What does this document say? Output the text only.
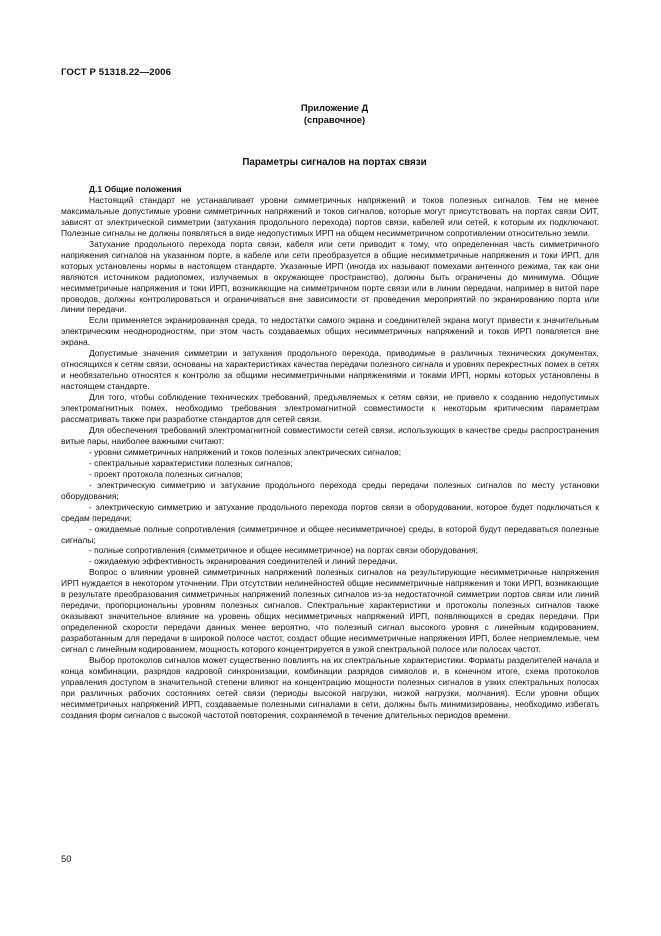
ГОСТ Р 51318.22—2006
Приложение Д
(справочное)
Параметры сигналов на портах связи
Д.1 Общие положения

Настоящий стандарт не устанавливает уровни симметричных напряжений и токов полезных сигналов. Тем не менее максимальные допустимые уровни симметричных напряжений и токов сигналов, которые могут присутствовать на портах связи ОИТ, зависят от электрической симметрии (затухания продольного перехода) портов связи, кабелей или сетей, к которым их подключают. Полезные сигналы не должны появляться в виде недопустимых ИРП на общем несимметричном сопротивлении относительно земли.

Затухание продольного перехода порта связи, кабеля или сети приводит к тому, что определенная часть симметричного напряжения сигналов на указанном порте, в кабеле или сети преобразуется в общие несимметричные напряжения и токи ИРП, для которых установлены нормы в настоящем стандарте. Указанные ИРП (иногда их называют помехами антенного режима, так как они являются источником радиопомех, излучаемых в окружающее пространство), должны быть ограничены до минимума. Общие несимметричные напряжения и токи ИРП, возникающие на симметричном порте связи или в линии передачи, например в витой паре проводов, должны контролироваться и ограничиваться вне зависимости от проведения мероприятий по экранированию порта или линии передачи.

Если применяется экранированная среда, то недостатки самого экрана и соединителей экрана могут привести к значительным электрическим неоднородностям, при этом часть создаваемых общих несимметричных напряжений и токов ИРП появляется вне экрана.

Допустимые значения симметрии и затухания продольного перехода, приводимые в различных технических документах, относящихся к сетям связи, основаны на характеристиках качества передачи полезного сигнала и уровнях перекрестных помех в сетях и необязательно относятся к контролю за общими несимметричными напряжениями и токами ИРП, нормы которых установлены в настоящем стандарте.

Для того, чтобы соблюдение технических требований, предъявляемых к сетям связи, не привело к созданию недопустимых электромагнитных помех, необходимо требования электромагнитной совместимости к некоторым критическим параметрам рассматривать также при разработке стандартов для сетей связи.

Для обеспечения требований электромагнитной совместимости сетей связи, использующих в качестве среды распространения витые пары, наиболее важными считают:

- уровни симметричных напряжений и токов полезных электрических сигналов;

- спектральные характеристики полезных сигналов;

- проект протокола полезных сигналов;

- электрическую симметрию и затухание продольного перехода среды передачи полезных сигналов по месту установки оборудования;

- электрическую симметрию и затухание продольного перехода портов связи в оборудовании, которое будет подключаться к средам передачи;

- ожидаемые полные сопротивления (симметричное и общее несимметричное) среды, в которой будут передаваться полезные сигналы;

- полные сопротивления (симметричное и общее несимметричное) на портах связи оборудования;

- ожидаемую эффективность экранирования соединителей и линий передачи.

Вопрос о влиянии уровней симметричных напряжений полезных сигналов на результирующие несимметричные напряжения ИРП нуждается в некотором уточнении. При отсутствии нелинейностей общие несимметричные напряжения и токи ИРП, возникающие в результате преобразования симметричных напряжений полезных сигналов из-за недостаточной симметрии портов связи или линий передачи, пропорциональны уровням полезных сигналов. Спектральные характеристики и протоколы полезных сигналов также оказывают значительное влияние на уровень общих несимметричных напряжений ИРП, появляющихся в средах передачи. При определенной скорости передачи данных менее вероятно, что полезный сигнал высокого уровня с линейным кодированием, разработанным для передачи в широкой полосе частот, создаст общие несимметричные напряжения ИРП, более неприемлемые, чем сигнал с линейным кодированием, мощность которого концентрируется в узкой спектральной полосе или полосах частот.

Выбор протоколов сигналов может существенно повлиять на их спектральные характеристики. Форматы разделителей начала и конца комбинации, разрядов кадровой синхронизации, комбинации разрядов символов и, в конечном итоге, схема протоколов управления доступом в значительной степени влияют на концентрацию мощности полезных сигналов в узких спектральных полосах при различных рабочих состояниях сетей связи (периоды высокой нагрузки, низкой нагрузки, молчания). Если уровни общих несимметричных напряжений ИРП, создаваемые полезными сигналами в сети, должны быть минимизированы, необходимо избегать создания форм сигналов с высокой частотой повторения, сохраняемой в течение длительных периодов времени.

50
